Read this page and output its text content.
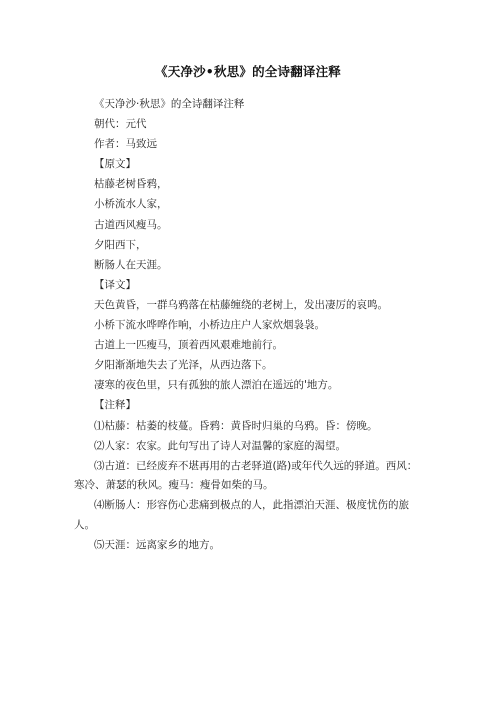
《天净沙•秋思》的全诗翻译注释
《天净沙·秋思》的全诗翻译注释
朝代：元代
作者：马致远
【原文】
枯藤老树昏鸦，
小桥流水人家，
古道西风瘦马。
夕阳西下，
断肠人在天涯。
【译文】
天色黄昏，一群乌鸦落在枯藤缠绕的老树上，发出凄厉的哀鸣。
小桥下流水哗哗作响，小桥边庄户人家炊烟袅袅。
古道上一匹瘦马，顶着西风艰难地前行。
夕阳渐渐地失去了光泽，从西边落下。
凄寒的夜色里，只有孤独的旅人漂泊在遥远的'地方。
【注释】
⑴枯藤：枯萎的枝蔓。昏鸦：黄昏时归巢的乌鸦。昏：傍晚。
⑵人家：农家。此句写出了诗人对温馨的家庭的渴望。
⑶古道：已经废弃不堪再用的古老驿道(路)或年代久远的驿道。西风：寒冷、萧瑟的秋风。瘦马：瘦骨如柴的马。
⑷断肠人：形容伤心悲痛到极点的人，此指漂泊天涯、极度忧伤的旅人。
⑸天涯：远离家乡的地方。
